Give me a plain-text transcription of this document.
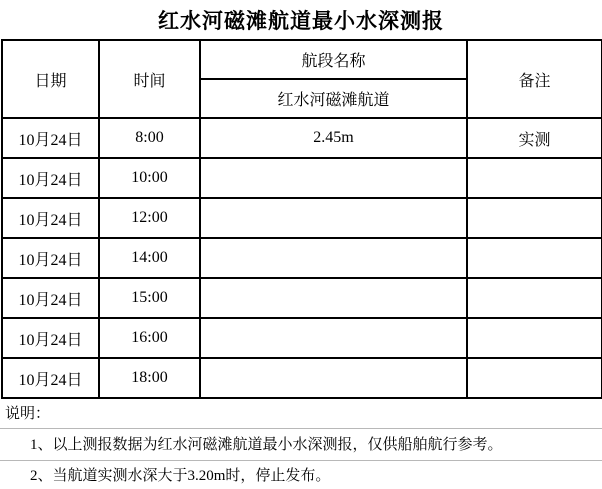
红水河磁滩航道最小水深测报
日期	时间	航段名称	备注
		红水河磁滩航道	
10月24日	8:00	2.45m	实测
10月24日	10:00		
10月24日	12:00		
10月24日	14:00		
10月24日	15:00		
10月24日	16:00		
10月24日	18:00		
说明：
1、以上测报数据为红水河磁滩航道最小水深测报，仅供船舶航行参考。
2、当航道实测水深大于3.20m时，停止发布。
